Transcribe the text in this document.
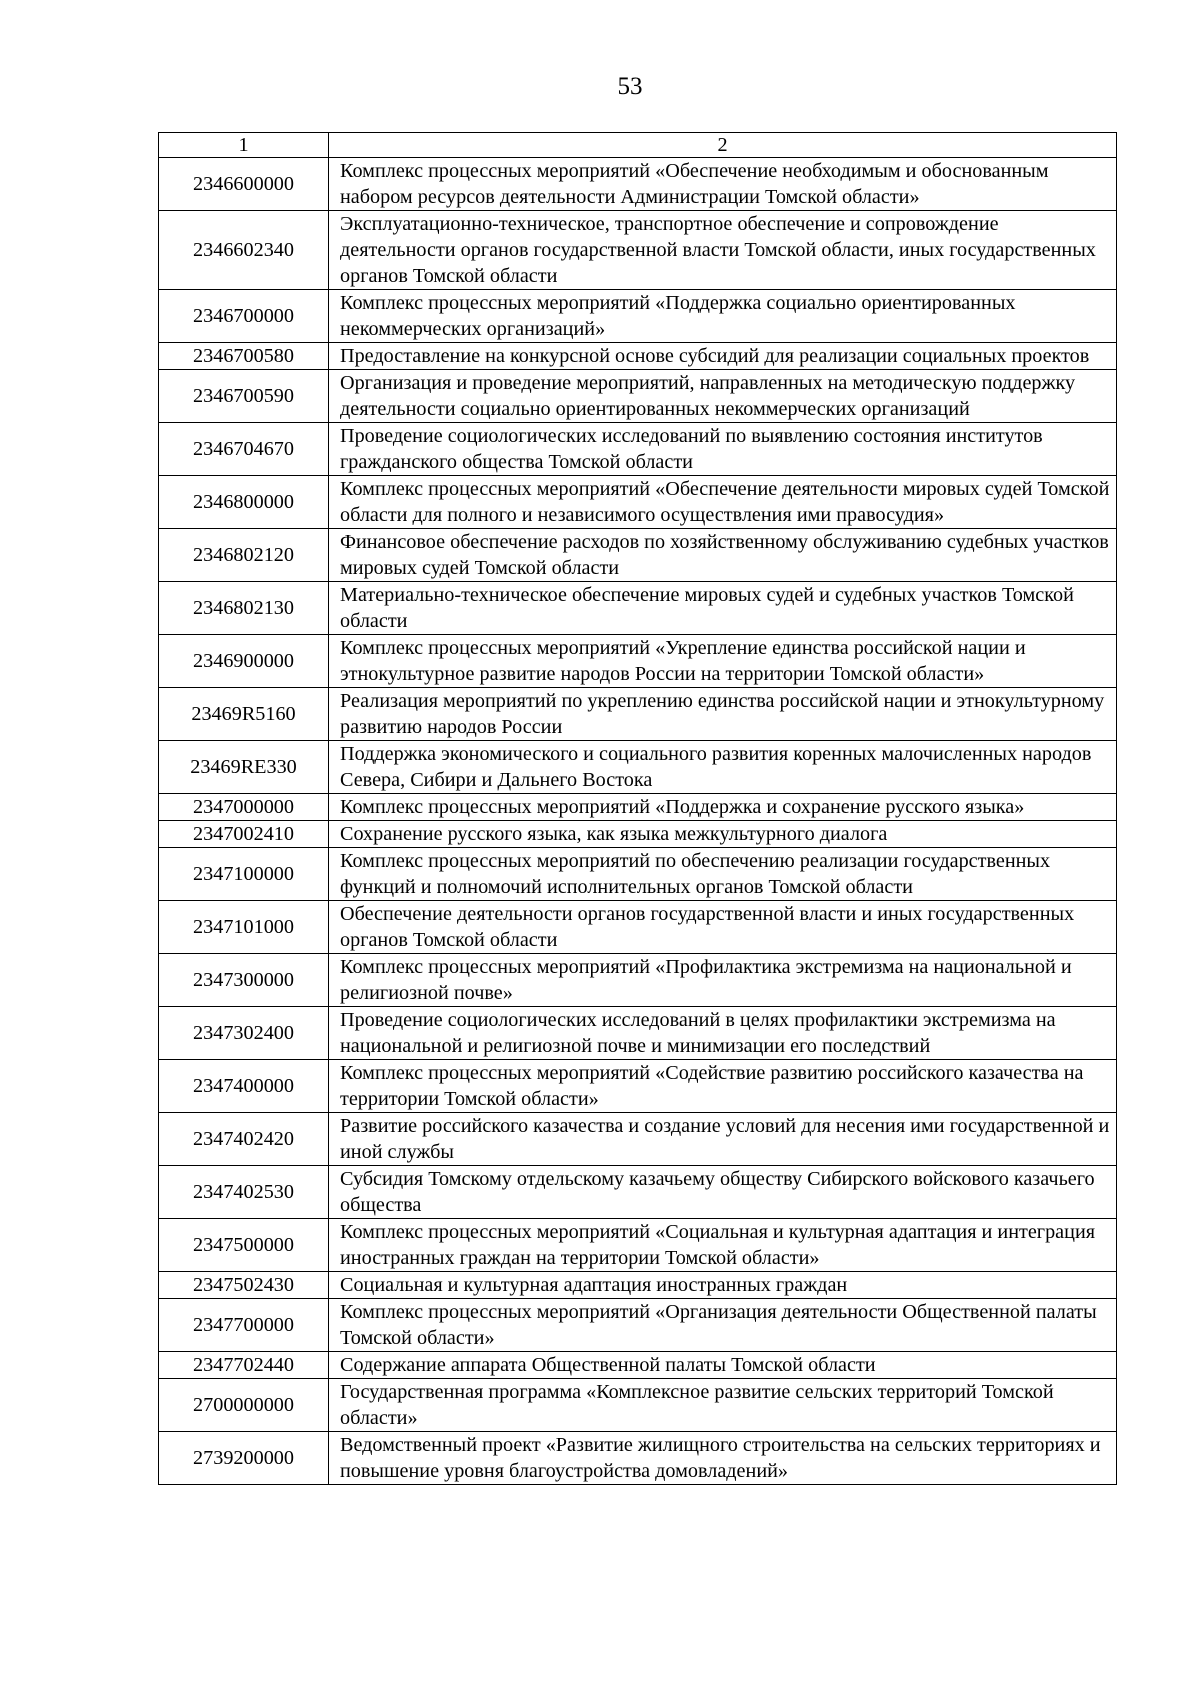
53
1	2
2346600000	Комплекс процессных мероприятий «Обеспечение необходимым и обоснованным набором ресурсов деятельности Администрации Томской области»
2346602340	Эксплуатационно-техническое, транспортное обеспечение и сопровождение деятельности органов государственной власти Томской области, иных государственных органов Томской области
2346700000	Комплекс процессных мероприятий «Поддержка социально ориентированных некоммерческих организаций»
2346700580	Предоставление на конкурсной основе субсидий для реализации социальных проектов
2346700590	Организация и проведение мероприятий, направленных на методическую поддержку деятельности социально ориентированных некоммерческих организаций
2346704670	Проведение социологических исследований по выявлению состояния институтов гражданского общества Томской области
2346800000	Комплекс процессных мероприятий «Обеспечение деятельности мировых судей Томской области для полного и независимого осуществления ими правосудия»
2346802120	Финансовое обеспечение расходов по хозяйственному обслуживанию судебных участков мировых судей Томской области
2346802130	Материально-техническое обеспечение мировых судей и судебных участков Томской области
2346900000	Комплекс процессных мероприятий «Укрепление единства российской нации и этнокультурное развитие народов России на территории Томской области»
23469R5160	Реализация мероприятий по укреплению единства российской нации и этнокультурному развитию народов России
23469RE330	Поддержка экономического и социального развития коренных малочисленных народов Севера, Сибири и Дальнего Востока
2347000000	Комплекс процессных мероприятий «Поддержка и сохранение русского языка»
2347002410	Сохранение русского языка, как языка межкультурного диалога
2347100000	Комплекс процессных мероприятий по обеспечению реализации государственных функций и полномочий исполнительных органов Томской области
2347101000	Обеспечение деятельности органов государственной власти и иных государственных органов Томской области
2347300000	Комплекс процессных мероприятий «Профилактика экстремизма на национальной и религиозной почве»
2347302400	Проведение социологических исследований в целях профилактики экстремизма на национальной и религиозной почве и минимизации его последствий
2347400000	Комплекс процессных мероприятий «Содействие развитию российского казачества на территории Томской области»
2347402420	Развитие российского казачества и создание условий для несения ими государственной и иной службы
2347402530	Субсидия Томскому отдельскому казачьему обществу Сибирского войскового казачьего общества
2347500000	Комплекс процессных мероприятий «Социальная и культурная адаптация и интеграция иностранных граждан на территории Томской области»
2347502430	Социальная и культурная адаптация иностранных граждан
2347700000	Комплекс процессных мероприятий «Организация деятельности Общественной палаты Томской области»
2347702440	Содержание аппарата Общественной палаты Томской области
2700000000	Государственная программа «Комплексное развитие сельских территорий Томской области»
2739200000	Ведомственный проект «Развитие жилищного строительства на сельских территориях и повышение уровня благоустройства домовладений»
